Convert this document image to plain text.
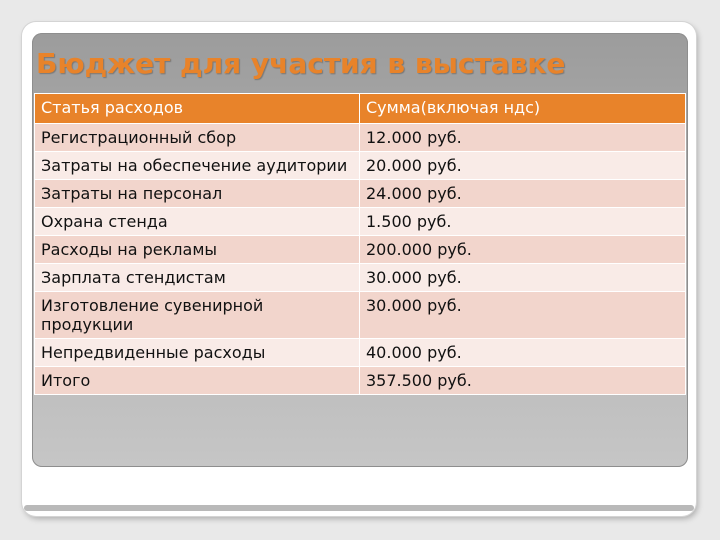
Бюджет для участия в выставке
Статья расходов	Сумма(включая ндс)
Регистрационный сбор	12.000 руб.
Затраты на обеспечение аудитории	20.000 руб.
Затраты на персонал	24.000 руб.
Охрана стенда	1.500 руб.
Расходы на рекламы	200.000 руб.
Зарплата стендистам	30.000 руб.
Изготовление сувенирной продукции	30.000 руб.
Непредвиденные расходы	40.000 руб.
Итого	357.500 руб.
